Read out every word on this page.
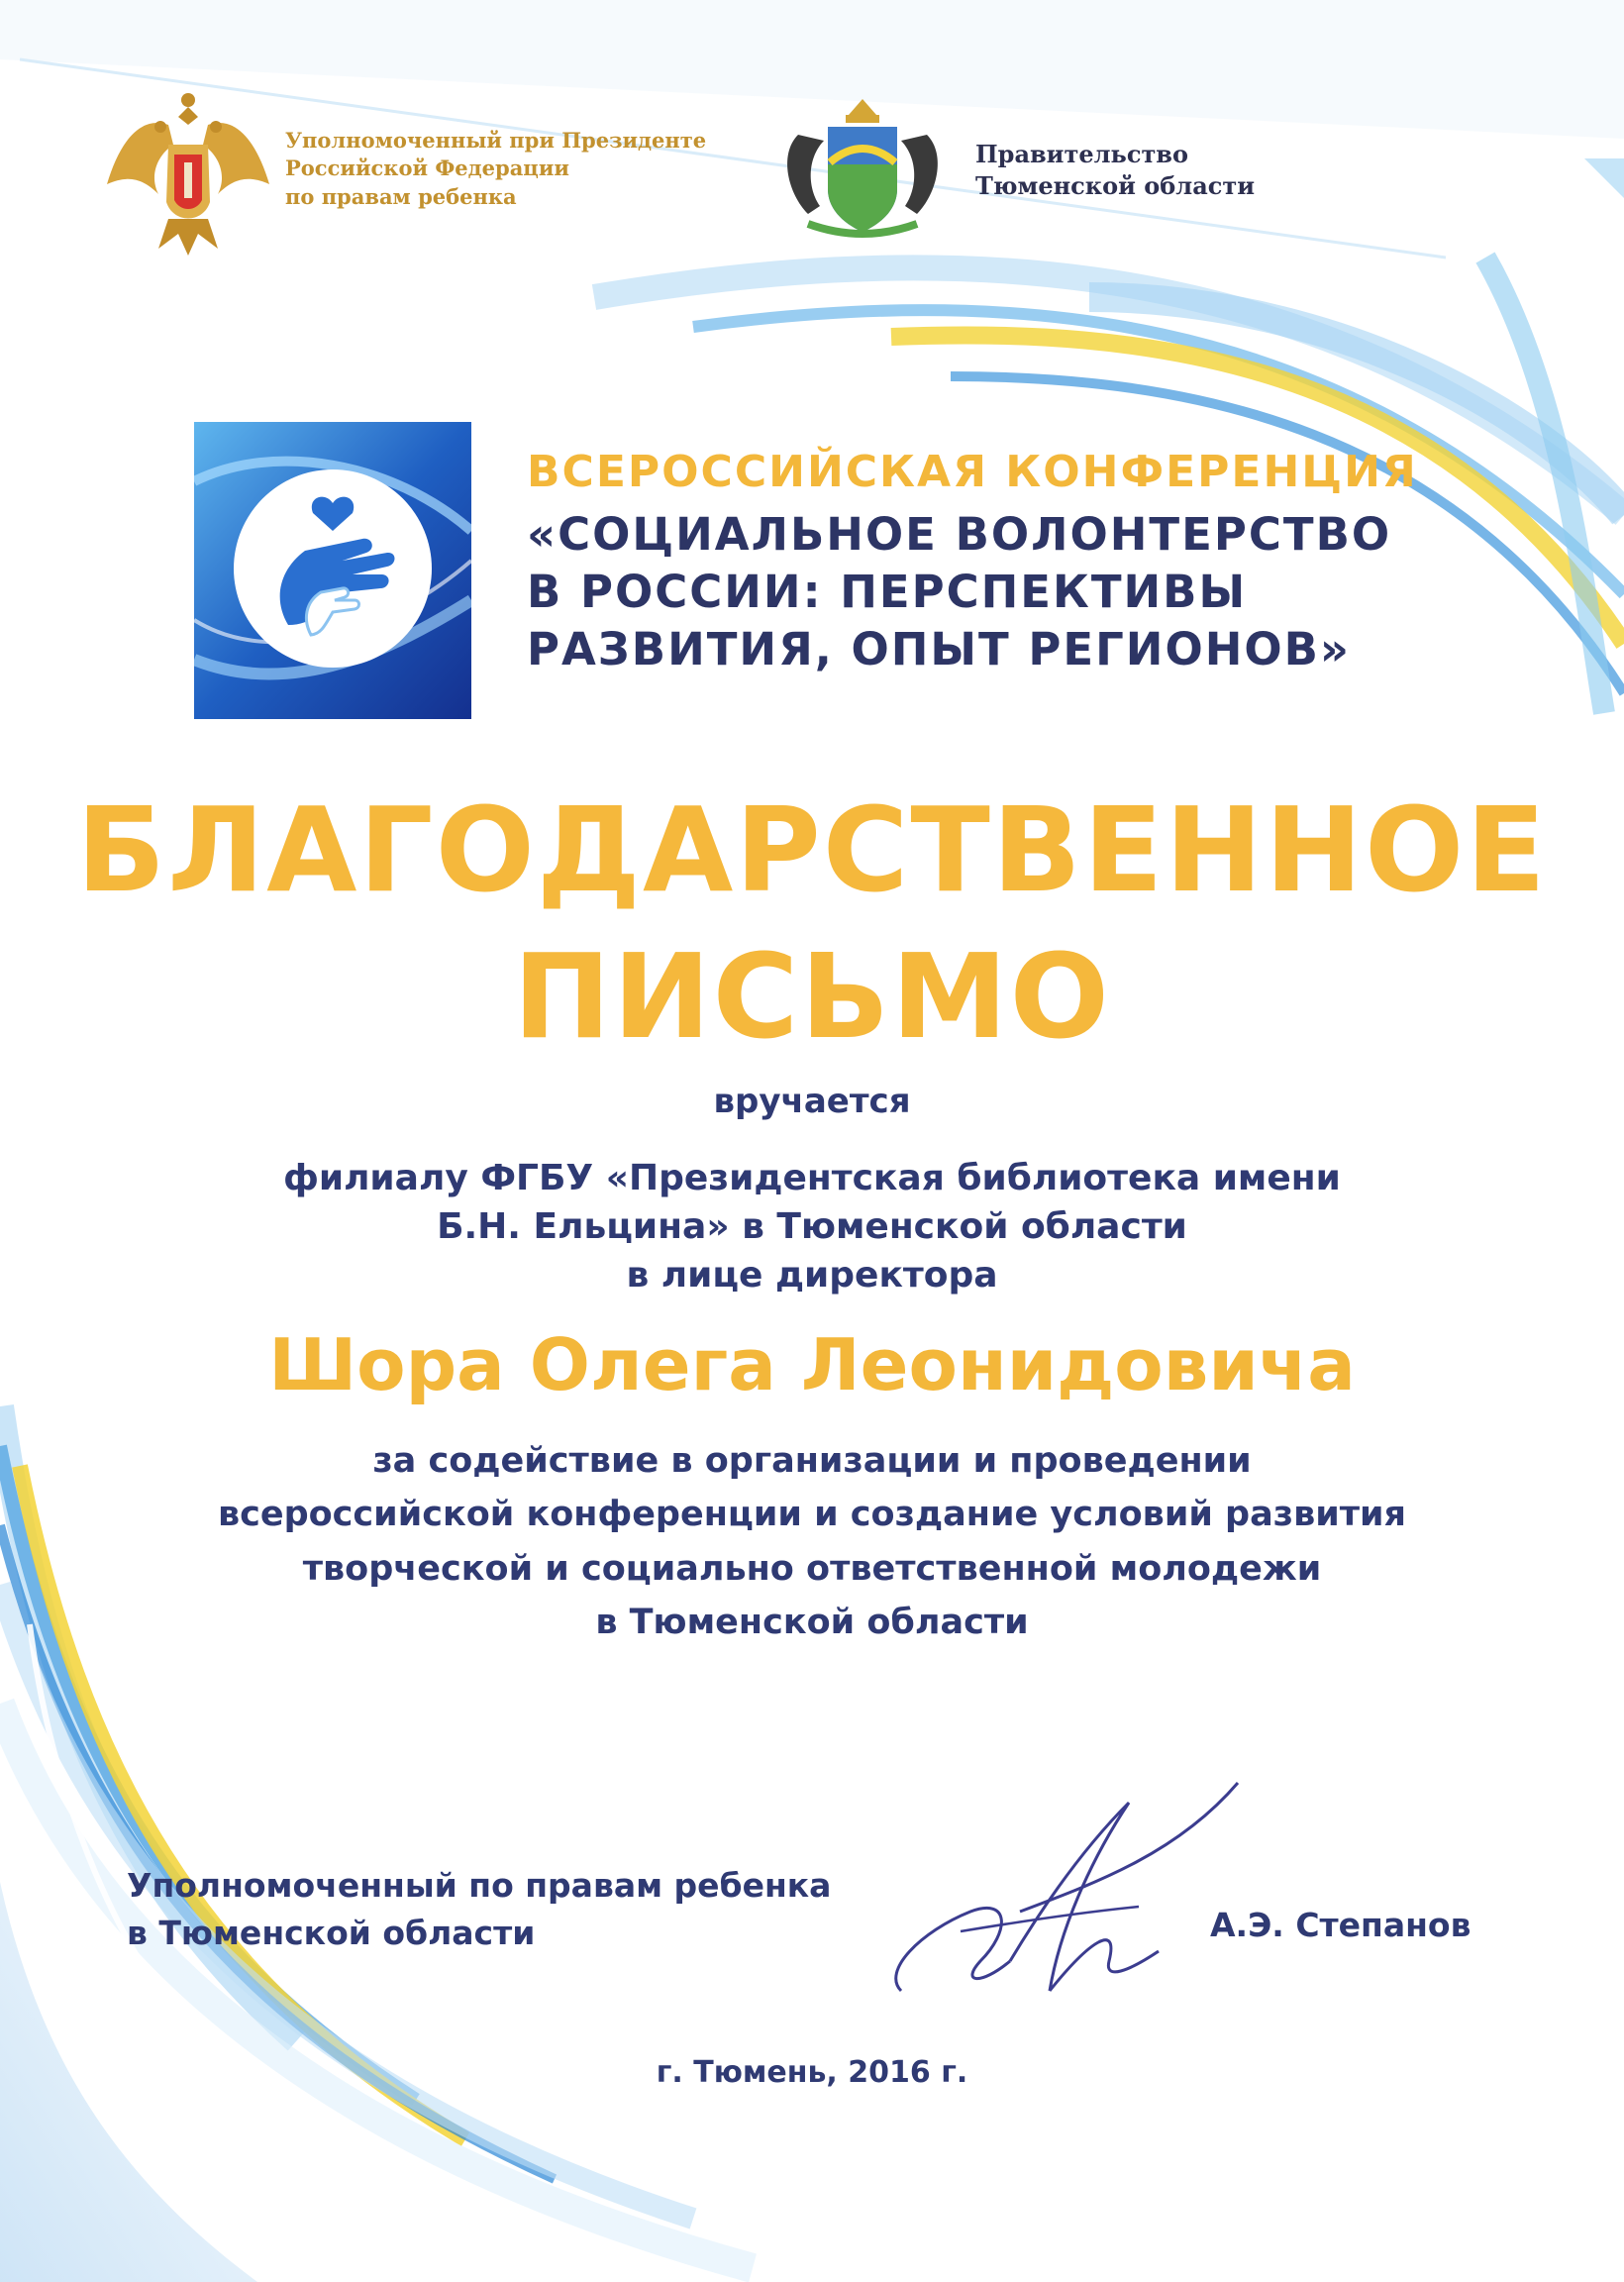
Уполномоченный при Президенте
Российской Федерации
по правам ребенка
Правительство
Тюменской области
ВСЕРОССИЙСКАЯ КОНФЕРЕНЦИЯ
«СОЦИАЛЬНОЕ ВОЛОНТЕРСТВО
В РОССИИ: ПЕРСПЕКТИВЫ
РАЗВИТИЯ, ОПЫТ РЕГИОНОВ»
БЛАГОДАРСТВЕННОЕ
ПИСЬМО
вручается
филиалу ФГБУ «Президентская библиотека имени
Б.Н. Ельцина» в Тюменской области
в лице директора
Шора Олега Леонидовича
за содействие в организации и проведении
всероссийской конференции и создание условий развития
творческой и социально ответственной молодежи
в Тюменской области
Уполномоченный по правам ребенка
в Тюменской области	А.Э. Степанов
г. Тюмень, 2016 г.
